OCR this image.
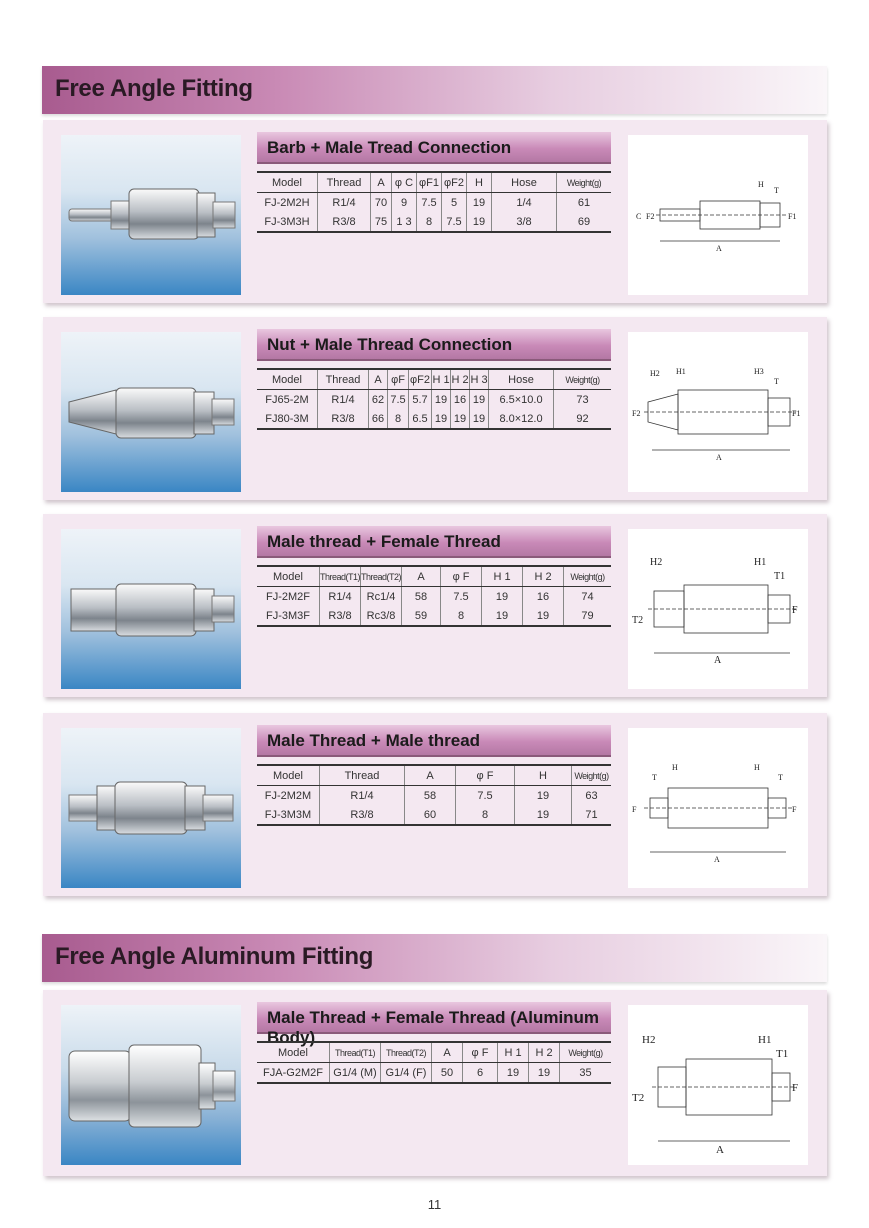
Free Angle Fitting
Free Angle Aluminum Fitting
Barb + Male Tread Connection
Model	Thread	A	φ C	φF1	φF2	H	Hose	Weight(g)
FJ-2M2H	R1/4	70	9	7.5	5	19	1/4	61
FJ-3M3H	R3/8	75	1 3	8	7.5	19	3/8	69
H
T
C F2	F1
A
Nut + Male Thread Connection
Model	Thread	A	φF	φF2	H 1	H 2	H 3	Hose	Weight(g)
FJ65-2M	R1/4	62	7.5	5.7	19	16	19	6.5×10.0	73
FJ80-3M	R3/8	66	8	6.5	19	19	19	8.0×12.0	92
H2 H1	H3
T
F2	F1
A
Male thread + Female Thread
Model	Thread(T1)	Thread(T2)	A	φ F	H 1	H 2	Weight(g)
FJ-2M2F	R1/4	Rc1/4	58	7.5	19	16	74
FJ-3M3F	R3/8	Rc3/8	59	8	19	19	79
H2	H1
T1
T2
F
A
Male Thread + Male thread
Model	Thread	A	φ F	H	Weight(g)
FJ-2M2M	R1/4	58	7.5	19	63
FJ-3M3M	R3/8	60	8	19	71
T
H	H
T
F	F
A
Male Thread + Female Thread (Aluminum Body)
Model	Thread(T1)	Thread(T2)	A	φ F	H 1	H 2	Weight(g)
FJA-G2M2F	G1/4 (M)	G1/4 (F)	50	6	19	19	35
H2	H1
T1
T2
F
A
11
